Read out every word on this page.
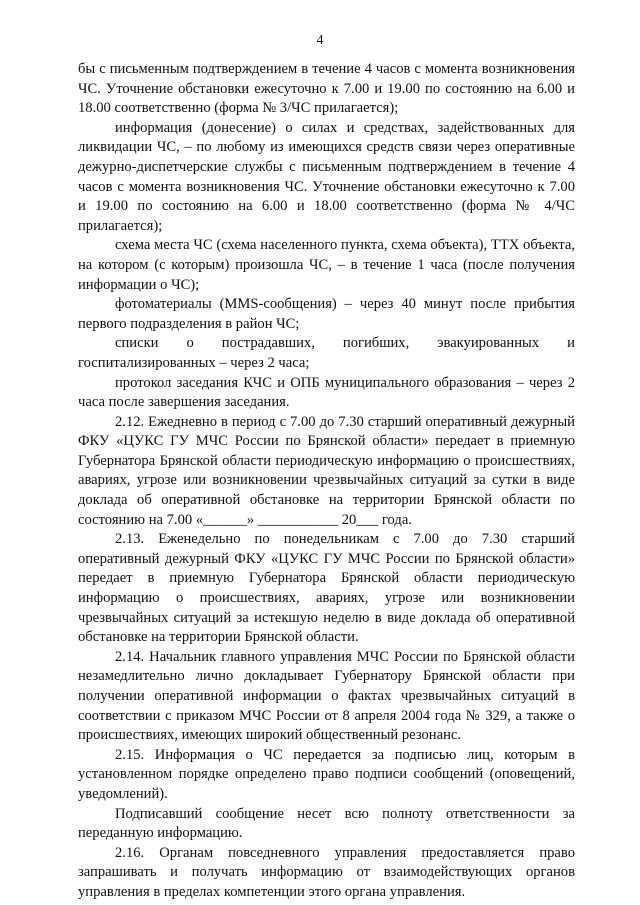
4

бы с письменным подтверждением в течение 4 часов с момента возникновения ЧС. Уточнение обстановки ежесуточно к 7.00 и 19.00 по состоянию на 6.00 и 18.00 соответственно (форма № 3/ЧС прилагается);

информация (донесение) о силах и средствах, задействованных для ликвидации ЧС, – по любому из имеющихся средств связи через оперативные дежурно-диспетчерские службы с письменным подтверждением в течение 4 часов с момента возникновения ЧС. Уточнение обстановки ежесуточно к 7.00 и 19.00 по состоянию на 6.00 и 18.00 соответственно (форма № 4/ЧС прилагается);

схема места ЧС (схема населенного пункта, схема объекта), ТТХ объекта, на котором (с которым) произошла ЧС, – в течение 1 часа (после получения информации о ЧС);

фотоматериалы (MMS-сообщения) – через 40 минут после прибытия первого подразделения в район ЧС;

списки о пострадавших, погибших, эвакуированных и госпитализированных – через 2 часа;

протокол заседания КЧС и ОПБ муниципального образования – через 2 часа после завершения заседания.

2.12. Ежедневно в период с 7.00 до 7.30 старший оперативный дежурный ФКУ «ЦУКС ГУ МЧС России по Брянской области» передает в приемную Губернатора Брянской области периодическую информацию о происшествиях, авариях, угрозе или возникновении чрезвычайных ситуаций за сутки в виде доклада об оперативной обстановке на территории Брянской области по состоянию на 7.00 «______» ___________ 20___ года.

2.13. Еженедельно по понедельникам с 7.00 до 7.30 старший оперативный дежурный ФКУ «ЦУКС ГУ МЧС России по Брянской области» передает в приемную Губернатора Брянской области периодическую информацию о происшествиях, авариях, угрозе или возникновении чрезвычайных ситуаций за истекшую неделю в виде доклада об оперативной обстановке на территории Брянской области.

2.14. Начальник главного управления МЧС России по Брянской области незамедлительно лично докладывает Губернатору Брянской области при получении оперативной информации о фактах чрезвычайных ситуаций в соответствии с приказом МЧС России от 8 апреля 2004 года № 329, а также о происшествиях, имеющих широкий общественный резонанс.

2.15. Информация о ЧС передается за подписью лиц, которым в установленном порядке определено право подписи сообщений (оповещений, уведомлений).

Подписавший сообщение несет всю полноту ответственности за переданную информацию.

2.16. Органам повседневного управления предоставляется право запрашивать и получать информацию от взаимодействующих органов управления в пределах компетенции этого органа управления.
